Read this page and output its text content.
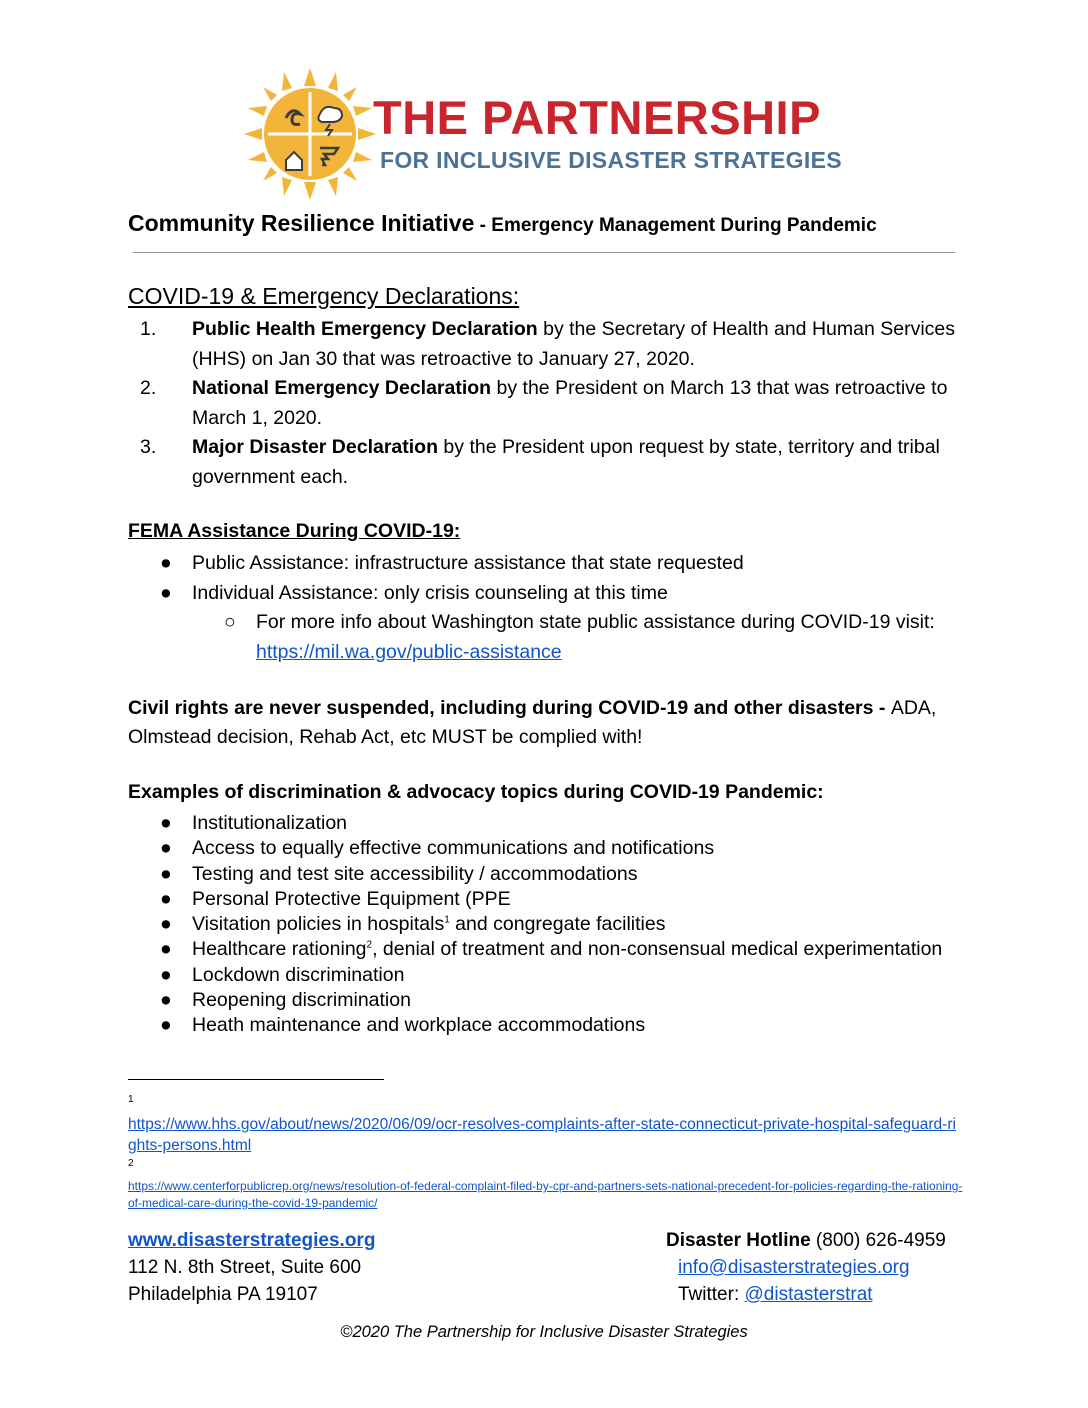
THE PARTNERSHIP
FOR INCLUSIVE DISASTER STRATEGIES
Community Resilience Initiative - Emergency Management During Pandemic
COVID-19 & Emergency Declarations:
1. Public Health Emergency Declaration by the Secretary of Health and Human Services (HHS) on Jan 30 that was retroactive to January 27, 2020.
2. National Emergency Declaration by the President on March 13 that was retroactive to March 1, 2020.
3. Major Disaster Declaration by the President upon request by state, territory and tribal government each.
FEMA Assistance During COVID-19:
● Public Assistance: infrastructure assistance that state requested
● Individual Assistance: only crisis counseling at this time
○ For more info about Washington state public assistance during COVID-19 visit: https://mil.wa.gov/public-assistance
Civil rights are never suspended, including during COVID-19 and other disasters - ADA, Olmstead decision, Rehab Act, etc MUST be complied with!
Examples of discrimination & advocacy topics during COVID-19 Pandemic:
● Institutionalization
● Access to equally effective communications and notifications
● Testing and test site accessibility / accommodations
● Personal Protective Equipment (PPE
● Visitation policies in hospitals$^1$ and congregate facilities
● Healthcare rationing$^2$, denial of treatment and non-consensual medical experimentation
● Lockdown discrimination
● Reopening discrimination
● Heath maintenance and workplace accommodations
1
https://www.hhs.gov/about/news/2020/06/09/ocr-resolves-complaints-after-state-connecticut-private-hospital-safeguard-rights-persons.html
2
https://www.centerforpublicrep.org/news/resolution-of-federal-complaint-filed-by-cpr-and-partners-sets-national-precedent-for-policies-regarding-the-rationing-of-medical-care-during-the-covid-19-pandemic/
www.disasterstrategies.org
112 N. 8th Street, Suite 600
Philadelphia PA 19107
Disaster Hotline (800) 626-4959
info@disasterstrategies.org
Twitter: @distasterstrat
©2020 The Partnership for Inclusive Disaster Strategies
